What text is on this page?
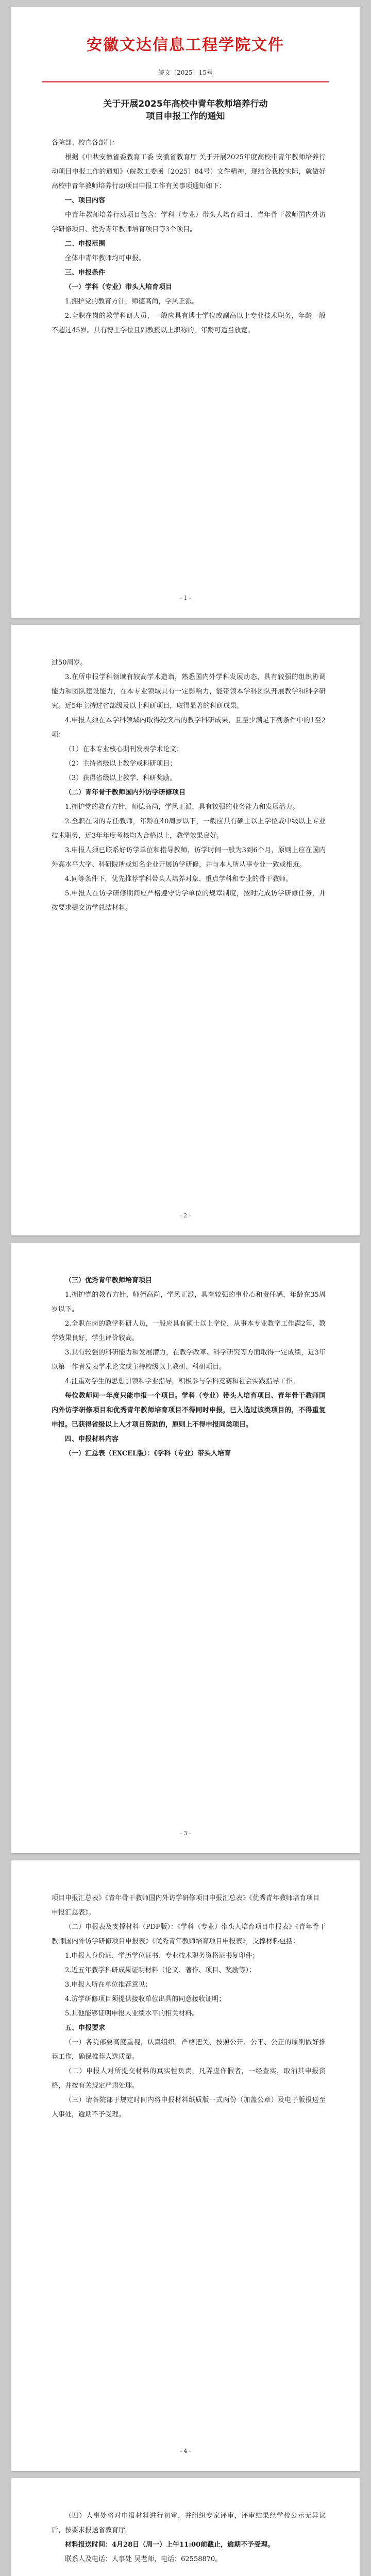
安徽文达信息工程学院文件
皖文〔2025〕15号
关于开展2025年高校中青年教师培养行动
项目申报工作的通知

各院部、校直各部门：

根据《中共安徽省委教育工委 安徽省教育厅 关于开展2025年度高校中青年教师培养行动项目申报工作的通知》（皖教工委函〔2025〕84号）文件精神，现结合我校实际，就做好高校中青年教师培养行动项目申报工作有关事项通知如下：

一、项目内容

中青年教师培养行动项目包含：学科（专业）带头人培育项目、青年骨干教师国内外访学研修项目、优秀青年教师培育项目等3个项目。

二、申报范围

全体中青年教师均可申报。

三、申报条件

（一）学科（专业）带头人培育项目

1.拥护党的教育方针，师德高尚，学风正派。

2.全职在岗的教学科研人员，一般应具有博士学位或副高以上专业技术职务，年龄一般不超过45岁。具有博士学位且副教授以上职称的，年龄可适当放宽。

- 1 -

过50周岁。

3.在所申报学科领域有较高学术造诣，熟悉国内外学科发展动态，具有较强的组织协调能力和团队建设能力，在本专业领域具有一定影响力，能带领本学科团队开展教学和科学研究。近5年主持过省部级及以上科研项目，取得显著的科研成果。

4.申报人须在本学科领域内取得较突出的教学科研成果，且至少满足下列条件中的1至2项：

（1）在本专业核心期刊发表学术论文；

（2）主持省级以上教学或科研项目；

（3）获得省级以上教学、科研奖励。

（二）青年骨干教师国内外访学研修项目

1.拥护党的教育方针，师德高尚，学风正派，具有较强的业务能力和发展潜力。

2.全职在岗的专任教师，年龄在40周岁以下，一般应具有硕士以上学位或中级以上专业技术职务，近3年年度考核均为合格以上，教学效果良好。

3.申报人须已联系好访学单位和指导教师，访学时间一般为3到6个月，原则上应在国内外高水平大学、科研院所或知名企业开展访学研修，并与本人所从事专业一致或相近。

4.同等条件下，优先推荐学科带头人培养对象、重点学科和专业的骨干教师。

5.申报人在访学研修期间应严格遵守访学单位的规章制度，按时完成访学研修任务，并按要求提交访学总结材料。

- 2 -

（三）优秀青年教师培育项目

1.拥护党的教育方针，师德高尚，学风正派，具有较强的事业心和责任感，年龄在35周岁以下。

2.全职在岗的教学科研人员，一般应具有硕士以上学位，从事本专业教学工作满2年，教学效果良好，学生评价较高。

3.具有较强的科研能力和发展潜力，在教学改革、科学研究等方面取得一定成绩，近3年以第一作者发表学术论文或主持校级以上教研、科研项目。

4.注重对学生的思想引领和学业指导，积极参与学科竞赛和社会实践指导工作。

每位教师同一年度只能申报一个项目。学科（专业）带头人培育项目、青年骨干教师国内外访学研修项目和优秀青年教师培育项目不得同时申报，已入选过该类项目的，不得重复申报。已获得省级以上人才项目资助的，原则上不得申报同类项目。

四、申报材料内容

（一）汇总表（EXCEL版）：《学科（专业）带头人培育

- 3 -

项目申报汇总表》《青年骨干教师国内外访学研修项目申报汇总表》《优秀青年教师培育项目申报汇总表》。

（二）申报表及支撑材料（PDF版）：《学科（专业）带头人培育项目申报表》《青年骨干教师国内外访学研修项目申报表》《优秀青年教师培育项目申报表》，支撑材料包括：

1.申报人身份证、学历学位证书、专业技术职务资格证书复印件；

2.近五年教学科研成果证明材料（论文、著作、项目、奖励等）；

3.申报人所在单位推荐意见；

4.访学研修项目须提供接收单位出具的同意接收证明；

5.其他能够证明申报人业绩水平的相关材料。

五、申报要求

（一）各院部要高度重视，认真组织，严格把关，按照公开、公平、公正的原则做好推荐工作，确保推荐人选质量。

（二）申报人对所提交材料的真实性负责，凡弄虚作假者，一经查实，取消其申报资格，并按有关规定严肃处理。

（三）请各院部于规定时间内将申报材料纸质版一式两份（加盖公章）及电子版报送至人事处，逾期不予受理。

- 4 -

（四）人事处将对申报材料进行初审，并组织专家评审，评审结果经学校公示无异议后，按要求报送省教育厅。

材料报送时间：4月28日（周一）上午11:00前截止，逾期不予受理。

联系人及电话：人事处 吴老师，电话：62558870。
